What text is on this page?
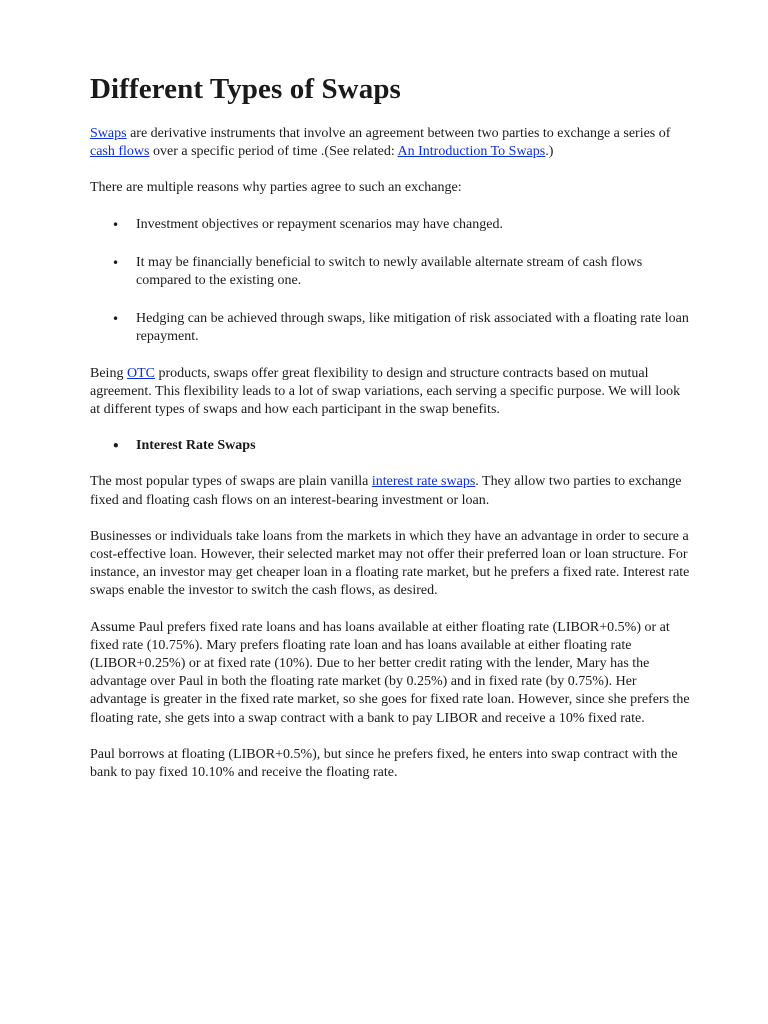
Different Types of Swaps

Swaps are derivative instruments that involve an agreement between two parties to exchange a series of cash flows over a specific period of time .(See related: An Introduction To Swaps.)

There are multiple reasons why parties agree to such an exchange:

• Investment objectives or repayment scenarios may have changed.
• It may be financially beneficial to switch to newly available alternate stream of cash flows compared to the existing one.
• Hedging can be achieved through swaps, like mitigation of risk associated with a floating rate loan repayment.

Being OTC products, swaps offer great flexibility to design and structure contracts based on mutual agreement. This flexibility leads to a lot of swap variations, each serving a specific purpose. We will look at different types of swaps and how each participant in the swap benefits.

• Interest Rate Swaps

The most popular types of swaps are plain vanilla interest rate swaps. They allow two parties to exchange fixed and floating cash flows on an interest-bearing investment or loan.

Businesses or individuals take loans from the markets in which they have an advantage in order to secure a cost-effective loan. However, their selected market may not offer their preferred loan or loan structure. For instance, an investor may get cheaper loan in a floating rate market, but he prefers a fixed rate. Interest rate swaps enable the investor to switch the cash flows, as desired.

Assume Paul prefers fixed rate loans and has loans available at either floating rate (LIBOR+0.5%) or at fixed rate (10.75%). Mary prefers floating rate loan and has loans available at either floating rate (LIBOR+0.25%) or at fixed rate (10%). Due to her better credit rating with the lender, Mary has the advantage over Paul in both the floating rate market (by 0.25%) and in fixed rate (by 0.75%). Her advantage is greater in the fixed rate market, so she goes for fixed rate loan. However, since she prefers the floating rate, she gets into a swap contract with a bank to pay LIBOR and receive a 10% fixed rate.

Paul borrows at floating (LIBOR+0.5%), but since he prefers fixed, he enters into swap contract with the bank to pay fixed 10.10% and receive the floating rate.
